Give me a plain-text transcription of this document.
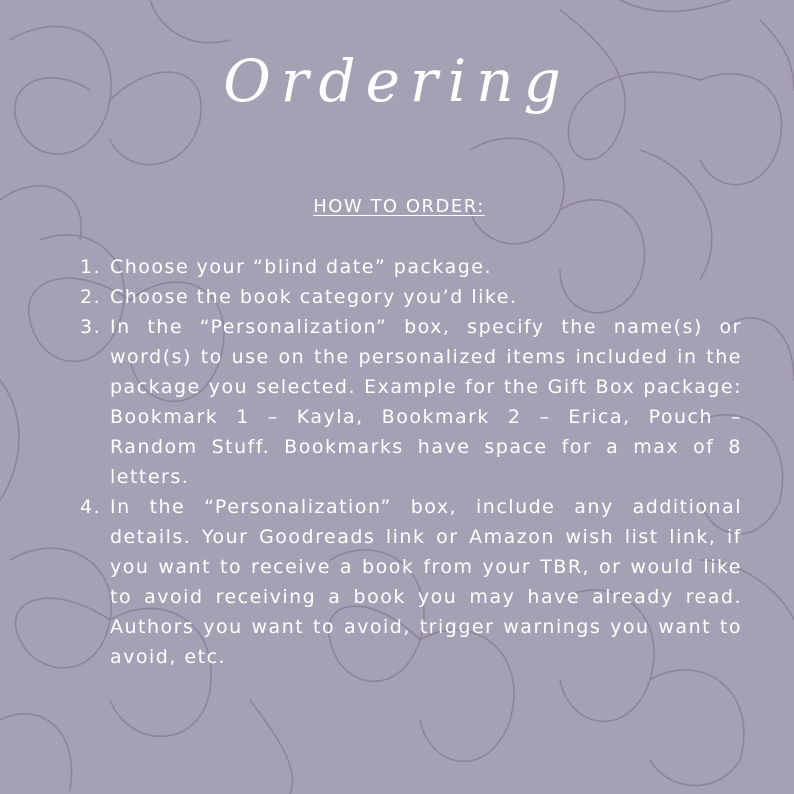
Ordering
HOW TO ORDER:
1. Choose your “blind date” package.
2. Choose the book category you’d like.
3. In the “Personalization” box, specify the name(s) or word(s) to use on the personalized items included in the package you selected. Example for the Gift Box package: Bookmark 1 – Kayla, Bookmark 2 – Erica, Pouch – Random Stuff. Bookmarks have space for a max of 8 letters.
4. In the “Personalization” box, include any additional details. Your Goodreads link or Amazon wish list link, if you want to receive a book from your TBR, or would like to avoid receiving a book you may have already read. Authors you want to avoid, trigger warnings you want to avoid, etc.
